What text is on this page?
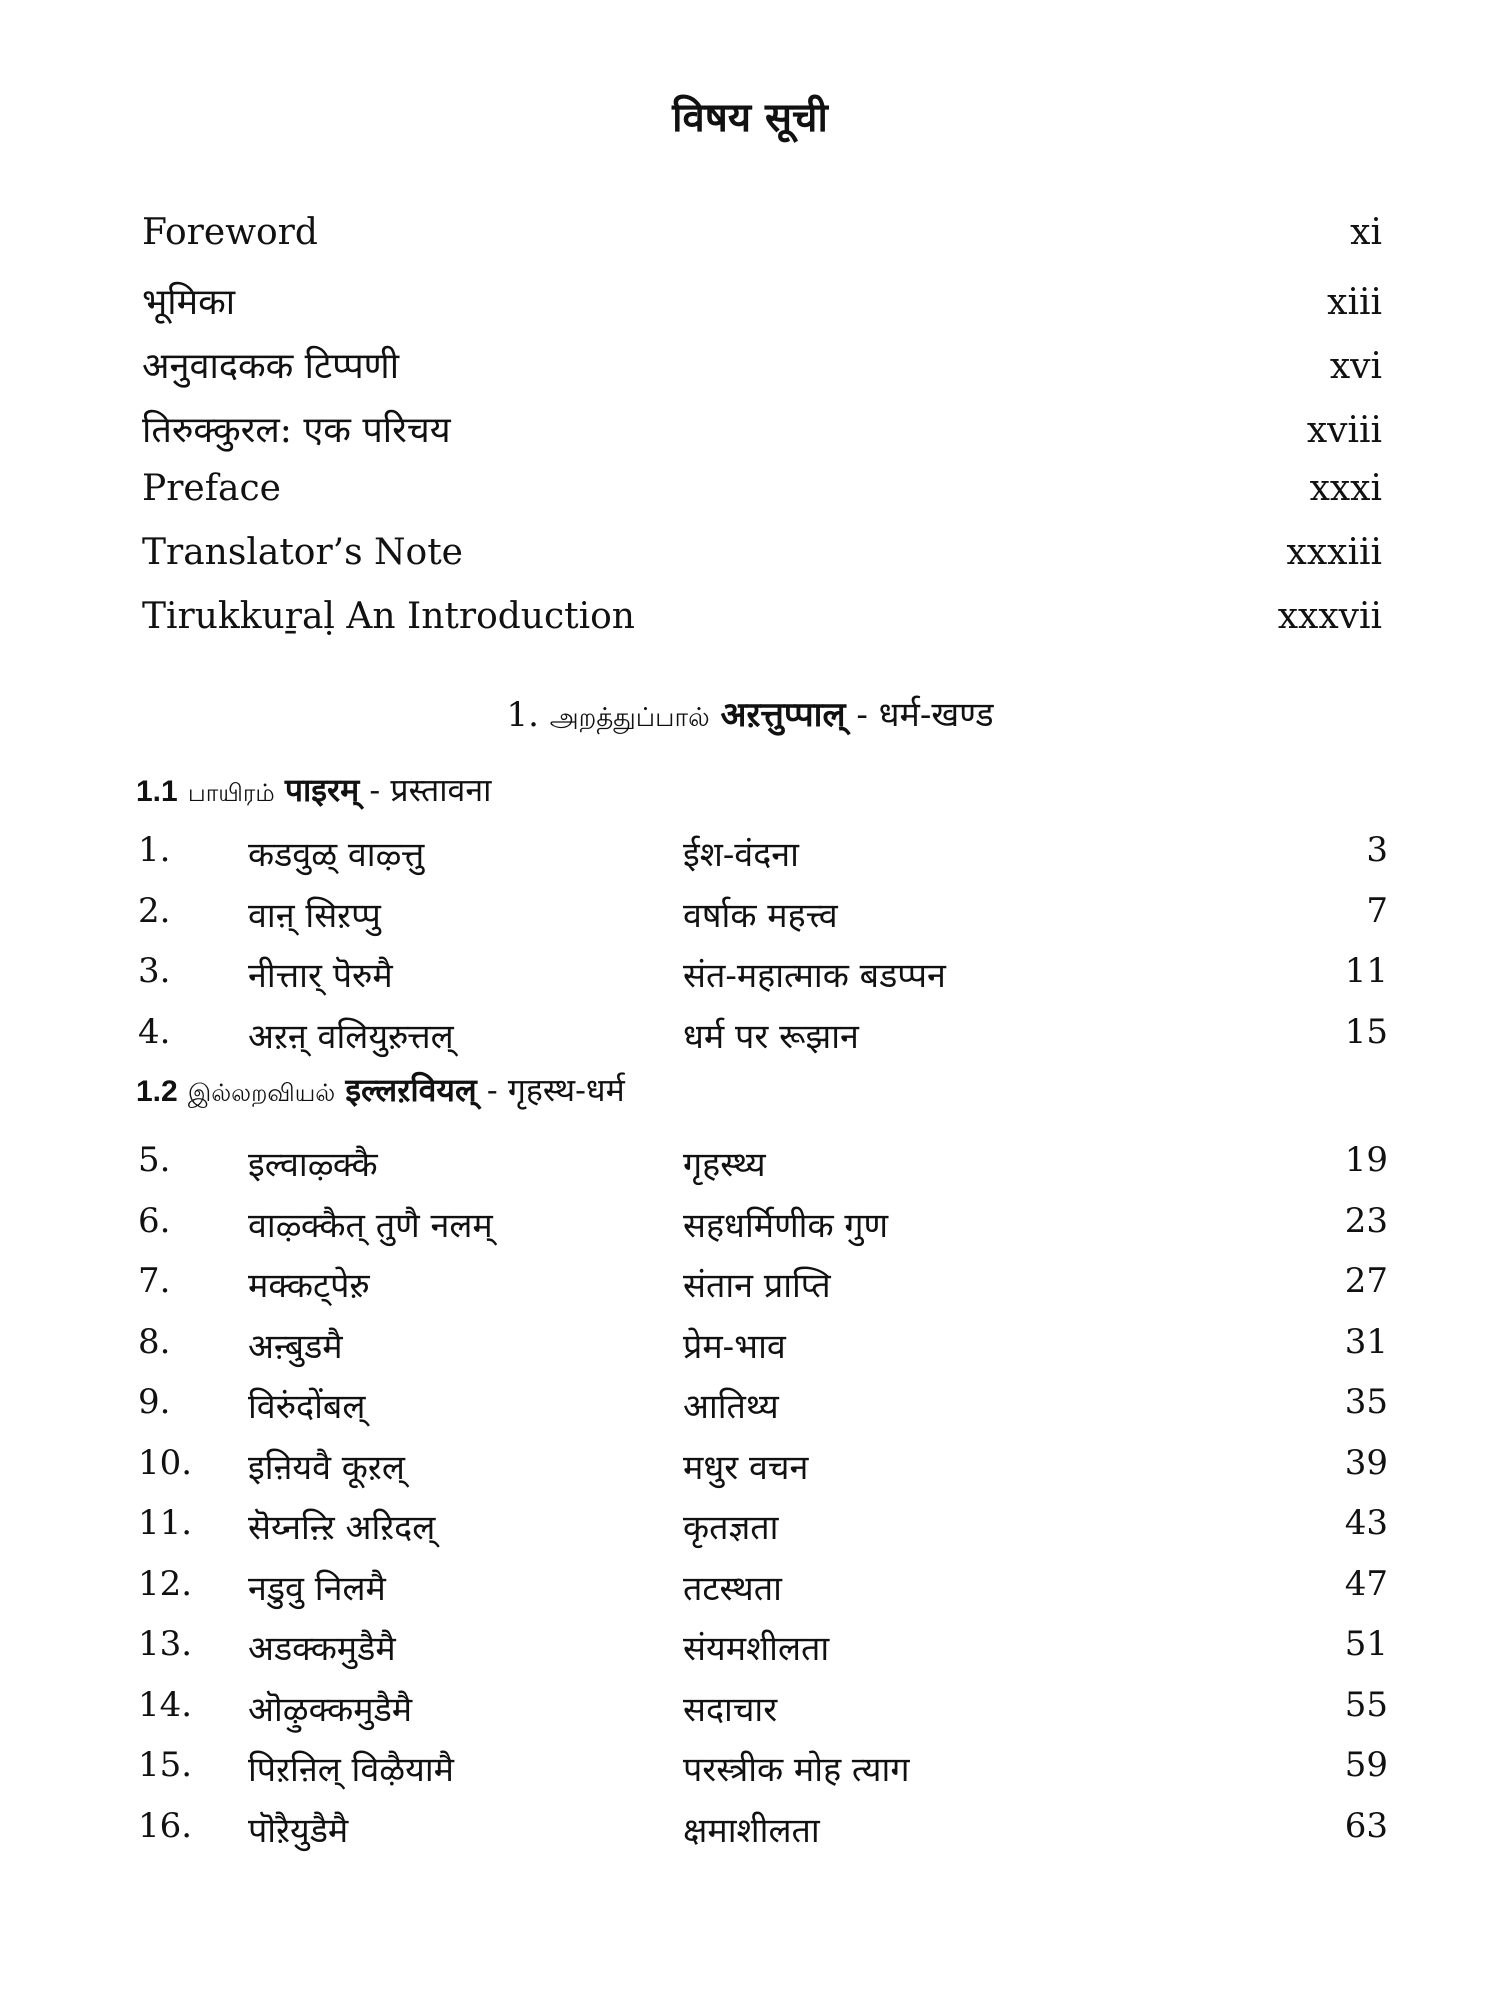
विषय सूची
Foreword	xi
भूमिका	xiii
अनुवादकक टिप्पणी	xvi
तिरुक्कुरल: एक परिचय	xviii
Preface	xxxi
Translator’s Note	xxxiii
Tirukkuṟaḷ An Introduction	xxxvii
1. அறத்துப்பால் अऱत्तुप्पाल् - धर्म-खण्ड
1.1 பாயிரம் पाइरम् - प्रस्तावना
1. कडवुळ् वाऴ्त्तु	ईश-वंदना	3
2. वाऩ् सिऱप्पु	वर्षाक महत्त्व	7
3. नीत्तार् पॆरुमै	संत-महात्माक बडप्पन	11
4. अऱऩ् वलियुऱुत्तल्	धर्म पर रूझान	15
1.2 இல்லறவியல் इल्लऱवियल् - गृहस्थ-धर्म
5. इल्वाऴ्क्कै	गृहस्थ्य	19
6. वाऴ्क्कैत् तुणै नलम्	सहधर्मिणीक गुण	23
7. मक्कट्पेऱु	संतान प्राप्ति	27
8. अऩ्बुडमै	प्रेम-भाव	31
9. विरुंदोंबल्	आतिथ्य	35
10. इऩियवै कूऱल्	मधुर वचन	39
11. सॆय्नऩ्ऱि अऱिदल्	कृतज्ञता	43
12. नडुवु निलमै	तटस्थता	47
13. अडक्कमुडैमै	संयमशीलता	51
14. ऒऴुक्कमुडैमै	सदाचार	55
15. पिऱऩिल् विऴैयामै	परस्त्रीक मोह त्याग	59
16. पॊऱैयुडैमै	क्षमाशीलता	63
